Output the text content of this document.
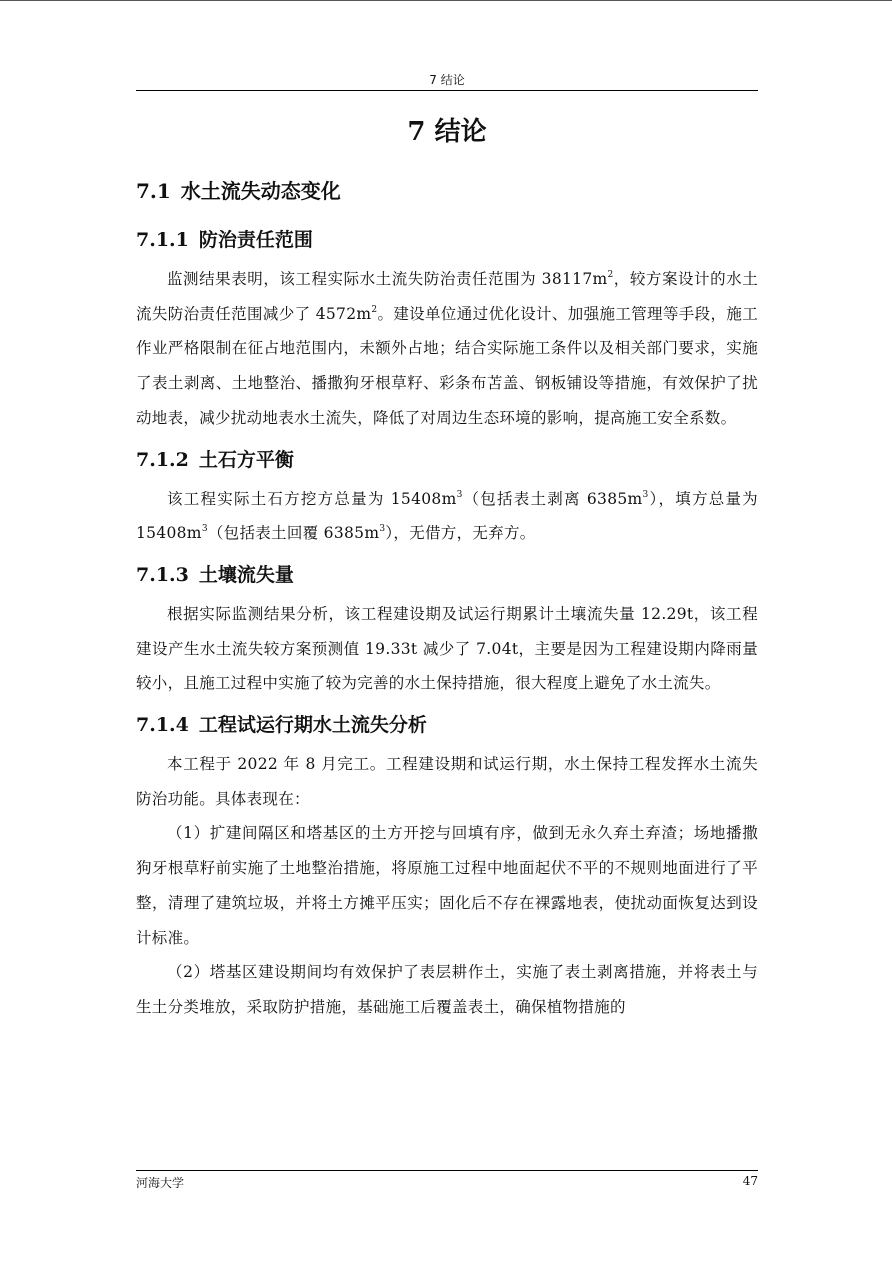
7 结论
7 结论
7.1 水土流失动态变化
7.1.1 防治责任范围

监测结果表明，该工程实际水土流失防治责任范围为 $38117m^2$，较方案设计的水土流失防治责任范围减少了 $4572m^2$。建设单位通过优化设计、加强施工管理等手段，施工作业严格限制在征占地范围内，未额外占地；结合实际施工条件以及相关部门要求，实施了表土剥离、土地整治、播撒狗牙根草籽、彩条布苫盖、钢板铺设等措施，有效保护了扰动地表，减少扰动地表水土流失，降低了对周边生态环境的影响，提高施工安全系数。

7.1.2 土石方平衡

该工程实际土石方挖方总量为 $15408m^3$（包括表土剥离 $6385m^3$），填方总量为 $15408m^3$（包括表土回覆 $6385m^3$），无借方，无弃方。

7.1.3 土壤流失量

根据实际监测结果分析，该工程建设期及试运行期累计土壤流失量 12.29t，该工程建设产生水土流失较方案预测值 19.33t 减少了 7.04t，主要是因为工程建设期内降雨量较小，且施工过程中实施了较为完善的水土保持措施，很大程度上避免了水土流失。

7.1.4 工程试运行期水土流失分析

本工程于 2022 年 8 月完工。工程建设期和试运行期，水土保持工程发挥水土流失防治功能。具体表现在：

（1）扩建间隔区和塔基区的土方开挖与回填有序，做到无永久弃土弃渣；场地播撒狗牙根草籽前实施了土地整治措施，将原施工过程中地面起伏不平的不规则地面进行了平整，清理了建筑垃圾，并将土方摊平压实；固化后不存在裸露地表，使扰动面恢复达到设计标准。

（2）塔基区建设期间均有效保护了表层耕作土，实施了表土剥离措施，并将表土与生土分类堆放，采取防护措施，基础施工后覆盖表土，确保植物措施的

河海大学	47
